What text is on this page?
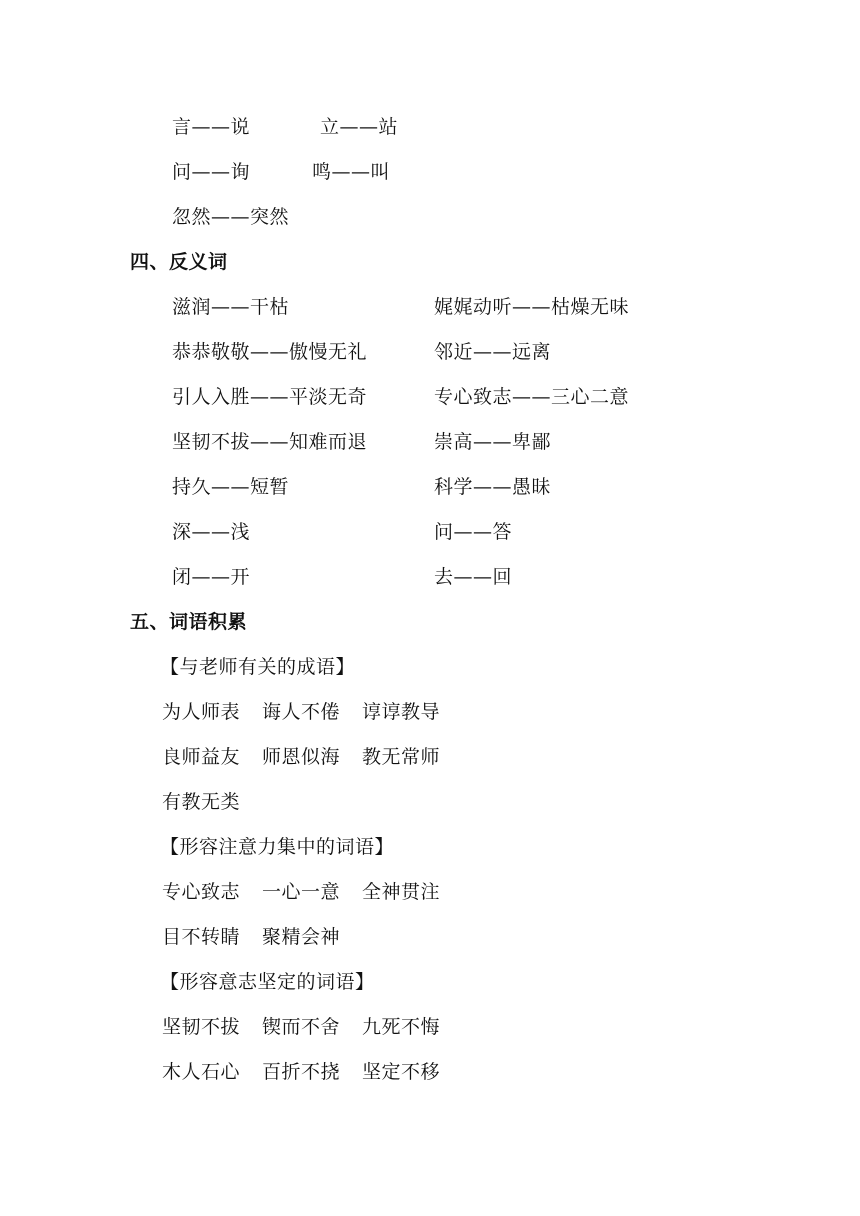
言——说	立——站
问——询	鸣——叫
忽然——突然
四、反义词
滋润——干枯	娓娓动听——枯燥无味
恭恭敬敬——傲慢无礼	邻近——远离
引人入胜——平淡无奇	专心致志——三心二意
坚韧不拔——知难而退	崇高——卑鄙
持久——短暂	科学——愚昧
深——浅	问——答
闭——开	去——回
五、词语积累
【与老师有关的成语】
为人师表 诲人不倦 谆谆教导
良师益友 师恩似海 教无常师
有教无类
【形容注意力集中的词语】
专心致志 一心一意 全神贯注
目不转睛 聚精会神
【形容意志坚定的词语】
坚韧不拔 锲而不舍 九死不悔
木人石心 百折不挠 坚定不移
